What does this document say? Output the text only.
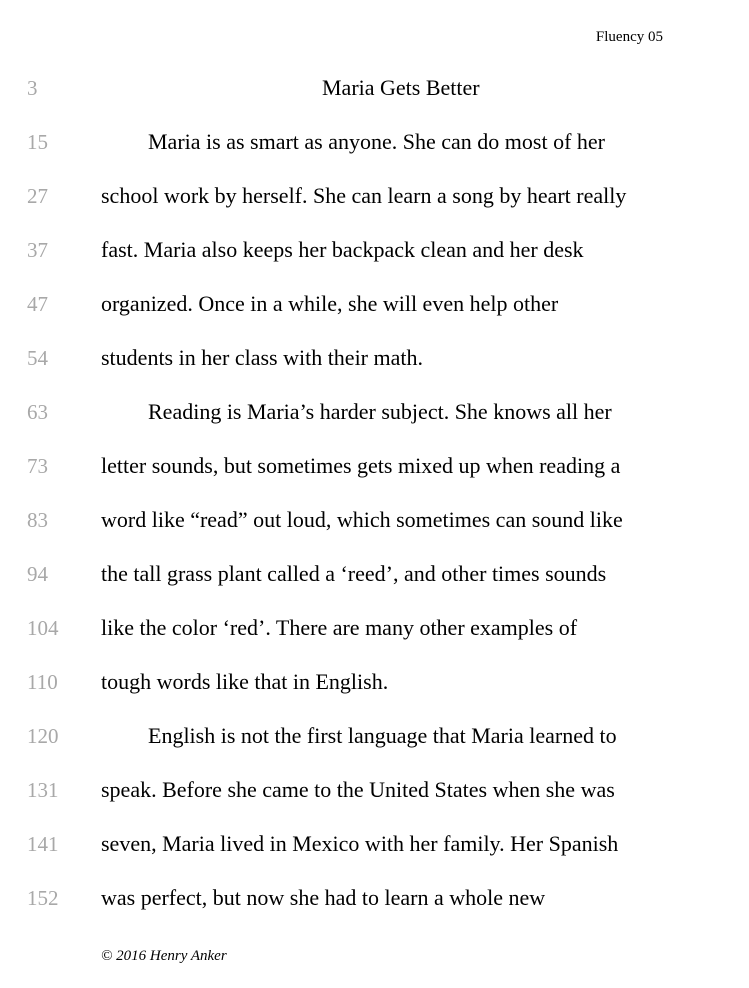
Fluency 05
3	Maria Gets Better
15	Maria is as smart as anyone. She can do most of her
27 school work by herself. She can learn a song by heart really
37 fast. Maria also keeps her backpack clean and her desk
47 organized. Once in a while, she will even help other
54 students in her class with their math.
63	Reading is Maria’s harder subject. She knows all her
73 letter sounds, but sometimes gets mixed up when reading a
83 word like “read” out loud, which sometimes can sound like
94 the tall grass plant called a ‘reed’, and other times sounds
104 like the color ‘red’. There are many other examples of
110 tough words like that in English.
120	English is not the first language that Maria learned to
131 speak. Before she came to the United States when she was
141 seven, Maria lived in Mexico with her family. Her Spanish
152 was perfect, but now she had to learn a whole new
© 2016 Henry Anker
